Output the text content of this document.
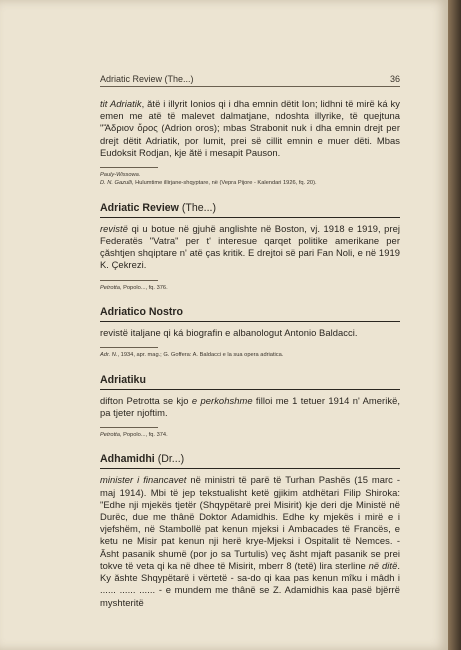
Adriatic Review (The...)	36

tit Adriatik, ătë i illyrit Ionios qi i dha emnin dëtit Ion; lidhni të mirë ká ky emen me atë të malevet dalmatjane, ndoshta illyrike, të quejtuna "Ἄδριον ὄρος (Adrion oros); mbas Strabonit nuk i dha emnin drejt per drejt dëtit Adriatik, por lumit, prei së cillit emnin e muer dëti. Mbas Eudoksit Rodjan, kje ătë i mesapit Pauson.

Pauly-Wissowa.
D. N. Gazulli, Hulumtime illirjane-shqyptare, në (Vepra Pijore - Kalendari 1926, fq. 20).

Adriatic Review (The...)

revistë qi u botue në gjuhë anglishte në Boston, vj. 1918 e 1919, prej Federatës "Vatra" per t' interesue qarqet politike amerikane per çăshtjen shqiptare n' atë ças kritik. E drejtoi së pari Fan Noli, e në 1919 K. Çekrezi.

Petrotta, Popolo..., fq. 376.

Adriatico Nostro

revistë italjane qi ká biografin e albanologut Antonio Baldacci.

Adr. N., 1934, apr. mag.; G. Goffera: A. Baldacci e la sua opera adriatica.

Adriatiku

difton Petrotta se kjo e perkohshme filloi me 1 tetuer 1914 n' Amerikë, pa tjeter njoftim.

Petrotta, Popolo..., fq. 374.

Adhamidhi (Dr...)

minister i financavet në ministri të parë të Turhan Pashës (15 marc - maj 1914). Mbi të jep tekstualisht ketë gjikim atdhëtari Filip Shiroka: "Edhe nji mjekës tjetër (Shqypëtarë prei Misirit) kje deri dje Ministë në Durëc, due me thânë Doktor Adamidhis. Edhe ky mjekës i mirë e i vjefshëm, në Stambollë pat kenun mjeksi i Ambacades të Francës, e ketu ne Misir pat kenun nji herë krye-Mjeksi i Ospitalit të Nemces. - Ăsht pasanik shumë (por jo sa Turtulis) veç ăsht mjaft pasanik se prei tokve të veta qi ka në dhee të Misirit, mberr 8 (tetë) lira sterline në ditë. Ky ăshte Shqypëtarë i vërtetë - sa-do qi kaa pas kenun mîku i mâdh i ...... ...... ...... - e mundem me thânë se Z. Adamidhis kaa pasë bjërrë myshteritë
